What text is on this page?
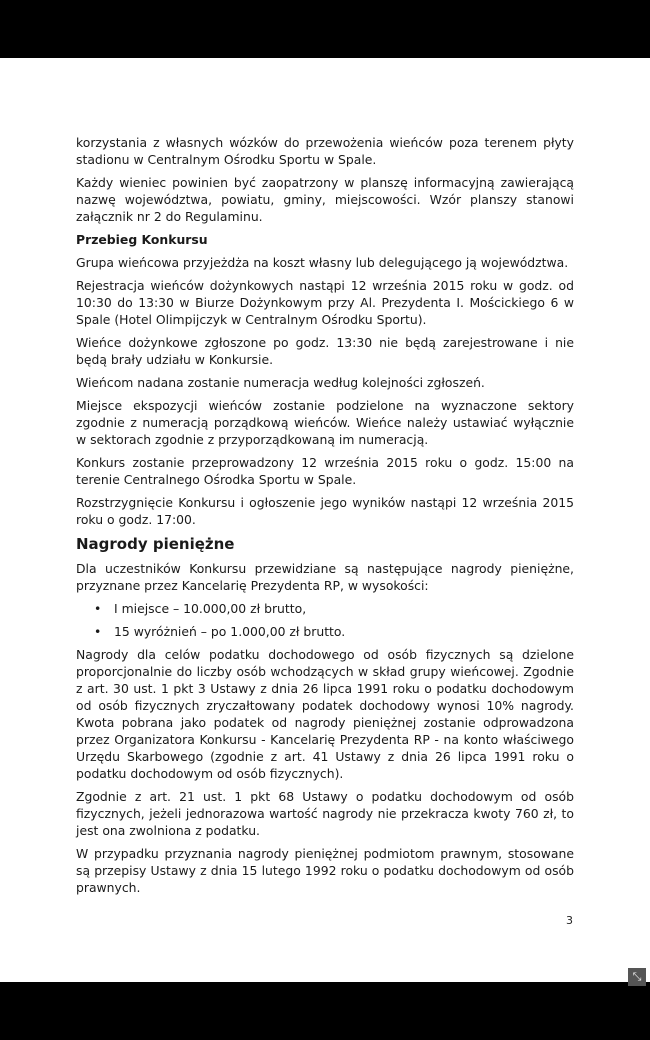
korzystania z własnych wózków do przewożenia wieńców poza terenem płyty stadionu w Centralnym Ośrodku Sportu w Spale.

Każdy wieniec powinien być zaopatrzony w planszę informacyjną zawierającą nazwę województwa, powiatu, gminy, miejscowości. Wzór planszy stanowi załącznik nr 2 do Regulaminu.

Przebieg Konkursu

Grupa wieńcowa przyjeżdża na koszt własny lub delegującego ją województwa.

Rejestracja wieńców dożynkowych nastąpi 12 września 2015 roku w godz. od 10:30 do 13:30 w Biurze Dożynkowym przy Al. Prezydenta I. Mościckiego 6 w Spale (Hotel Olimpijczyk w Centralnym Ośrodku Sportu).

Wieńce dożynkowe zgłoszone po godz. 13:30 nie będą zarejestrowane i nie będą brały udziału w Konkursie.

Wieńcom nadana zostanie numeracja według kolejności zgłoszeń.

Miejsce ekspozycji wieńców zostanie podzielone na wyznaczone sektory zgodnie z numeracją porządkową wieńców. Wieńce należy ustawiać wyłącznie w sektorach zgodnie z przyporządkowaną im numeracją.

Konkurs zostanie przeprowadzony 12 września 2015 roku o godz. 15:00 na terenie Centralnego Ośrodka Sportu w Spale.

Rozstrzygnięcie Konkursu i ogłoszenie jego wyników nastąpi 12 września 2015 roku o godz. 17:00.

Nagrody pieniężne

Dla uczestników Konkursu przewidziane są następujące nagrody pieniężne, przyznane przez Kancelarię Prezydenta RP, w wysokości:

• I miejsce – 10.000,00 zł brutto,
• 15 wyróżnień – po 1.000,00 zł brutto.

Nagrody dla celów podatku dochodowego od osób fizycznych są dzielone proporcjonalnie do liczby osób wchodzących w skład grupy wieńcowej. Zgodnie z art. 30 ust. 1 pkt 3 Ustawy z dnia 26 lipca 1991 roku o podatku dochodowym od osób fizycznych zryczałtowany podatek dochodowy wynosi 10% nagrody. Kwota pobrana jako podatek od nagrody pieniężnej zostanie odprowadzona przez Organizatora Konkursu - Kancelarię Prezydenta RP - na konto właściwego Urzędu Skarbowego (zgodnie z art. 41 Ustawy z dnia 26 lipca 1991 roku o podatku dochodowym od osób fizycznych).

Zgodnie z art. 21 ust. 1 pkt 68 Ustawy o podatku dochodowym od osób fizycznych, jeżeli jednorazowa wartość nagrody nie przekracza kwoty 760 zł, to jest ona zwolniona z podatku.

W przypadku przyznania nagrody pieniężnej podmiotom prawnym, stosowane są przepisy Ustawy z dnia 15 lutego 1992 roku o podatku dochodowym od osób prawnych.

3
⤡
